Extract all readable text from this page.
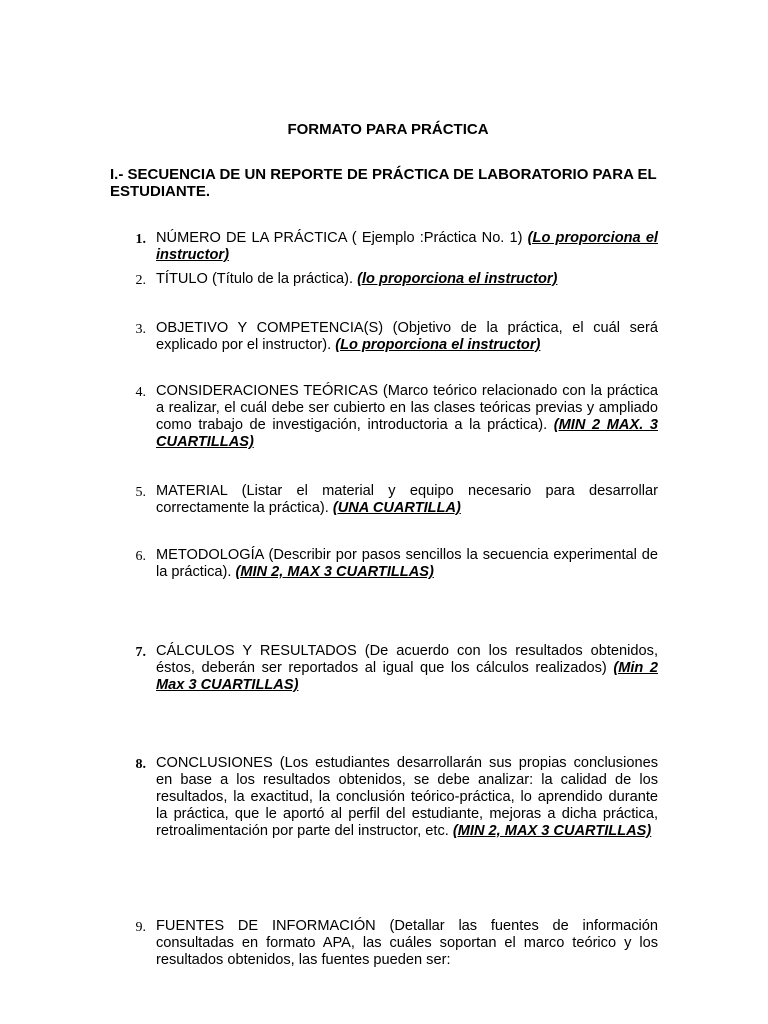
FORMATO PARA PRÁCTICA
I.- SECUENCIA DE UN REPORTE DE PRÁCTICA DE LABORATORIO PARA EL ESTUDIANTE.
1. NÚMERO DE LA PRÁCTICA ( Ejemplo :Práctica No. 1) (Lo proporciona el instructor)
2. TÍTULO (Título de la práctica). (lo proporciona el instructor)
3. OBJETIVO Y COMPETENCIA(S) (Objetivo de la práctica, el cuál será explicado por el instructor). (Lo proporciona el instructor)
4. CONSIDERACIONES TEÓRICAS (Marco teórico relacionado con la práctica a realizar, el cuál debe ser cubierto en las clases teóricas previas y ampliado como trabajo de investigación, introductoria a la práctica). (MIN 2 MAX. 3 CUARTILLAS)
5. MATERIAL (Listar el material y equipo necesario para desarrollar correctamente la práctica). (UNA CUARTILLA)
6. METODOLOGÍA (Describir por pasos sencillos la secuencia experimental de la práctica). (MIN 2, MAX 3 CUARTILLAS)
7. CÁLCULOS Y RESULTADOS (De acuerdo con los resultados obtenidos, éstos, deberán ser reportados al igual que los cálculos realizados) (Min 2 Max 3 CUARTILLAS)
8. CONCLUSIONES (Los estudiantes desarrollarán sus propias conclusiones en base a los resultados obtenidos, se debe analizar: la calidad de los resultados, la exactitud, la conclusión teórico-práctica, lo aprendido durante la práctica, que le aportó al perfil del estudiante, mejoras a dicha práctica, retroalimentación por parte del instructor, etc. (MIN 2, MAX 3 CUARTILLAS)
9. FUENTES DE INFORMACIÓN (Detallar las fuentes de información consultadas en formato APA, las cuáles soportan el marco teórico y los resultados obtenidos, las fuentes pueden ser:
